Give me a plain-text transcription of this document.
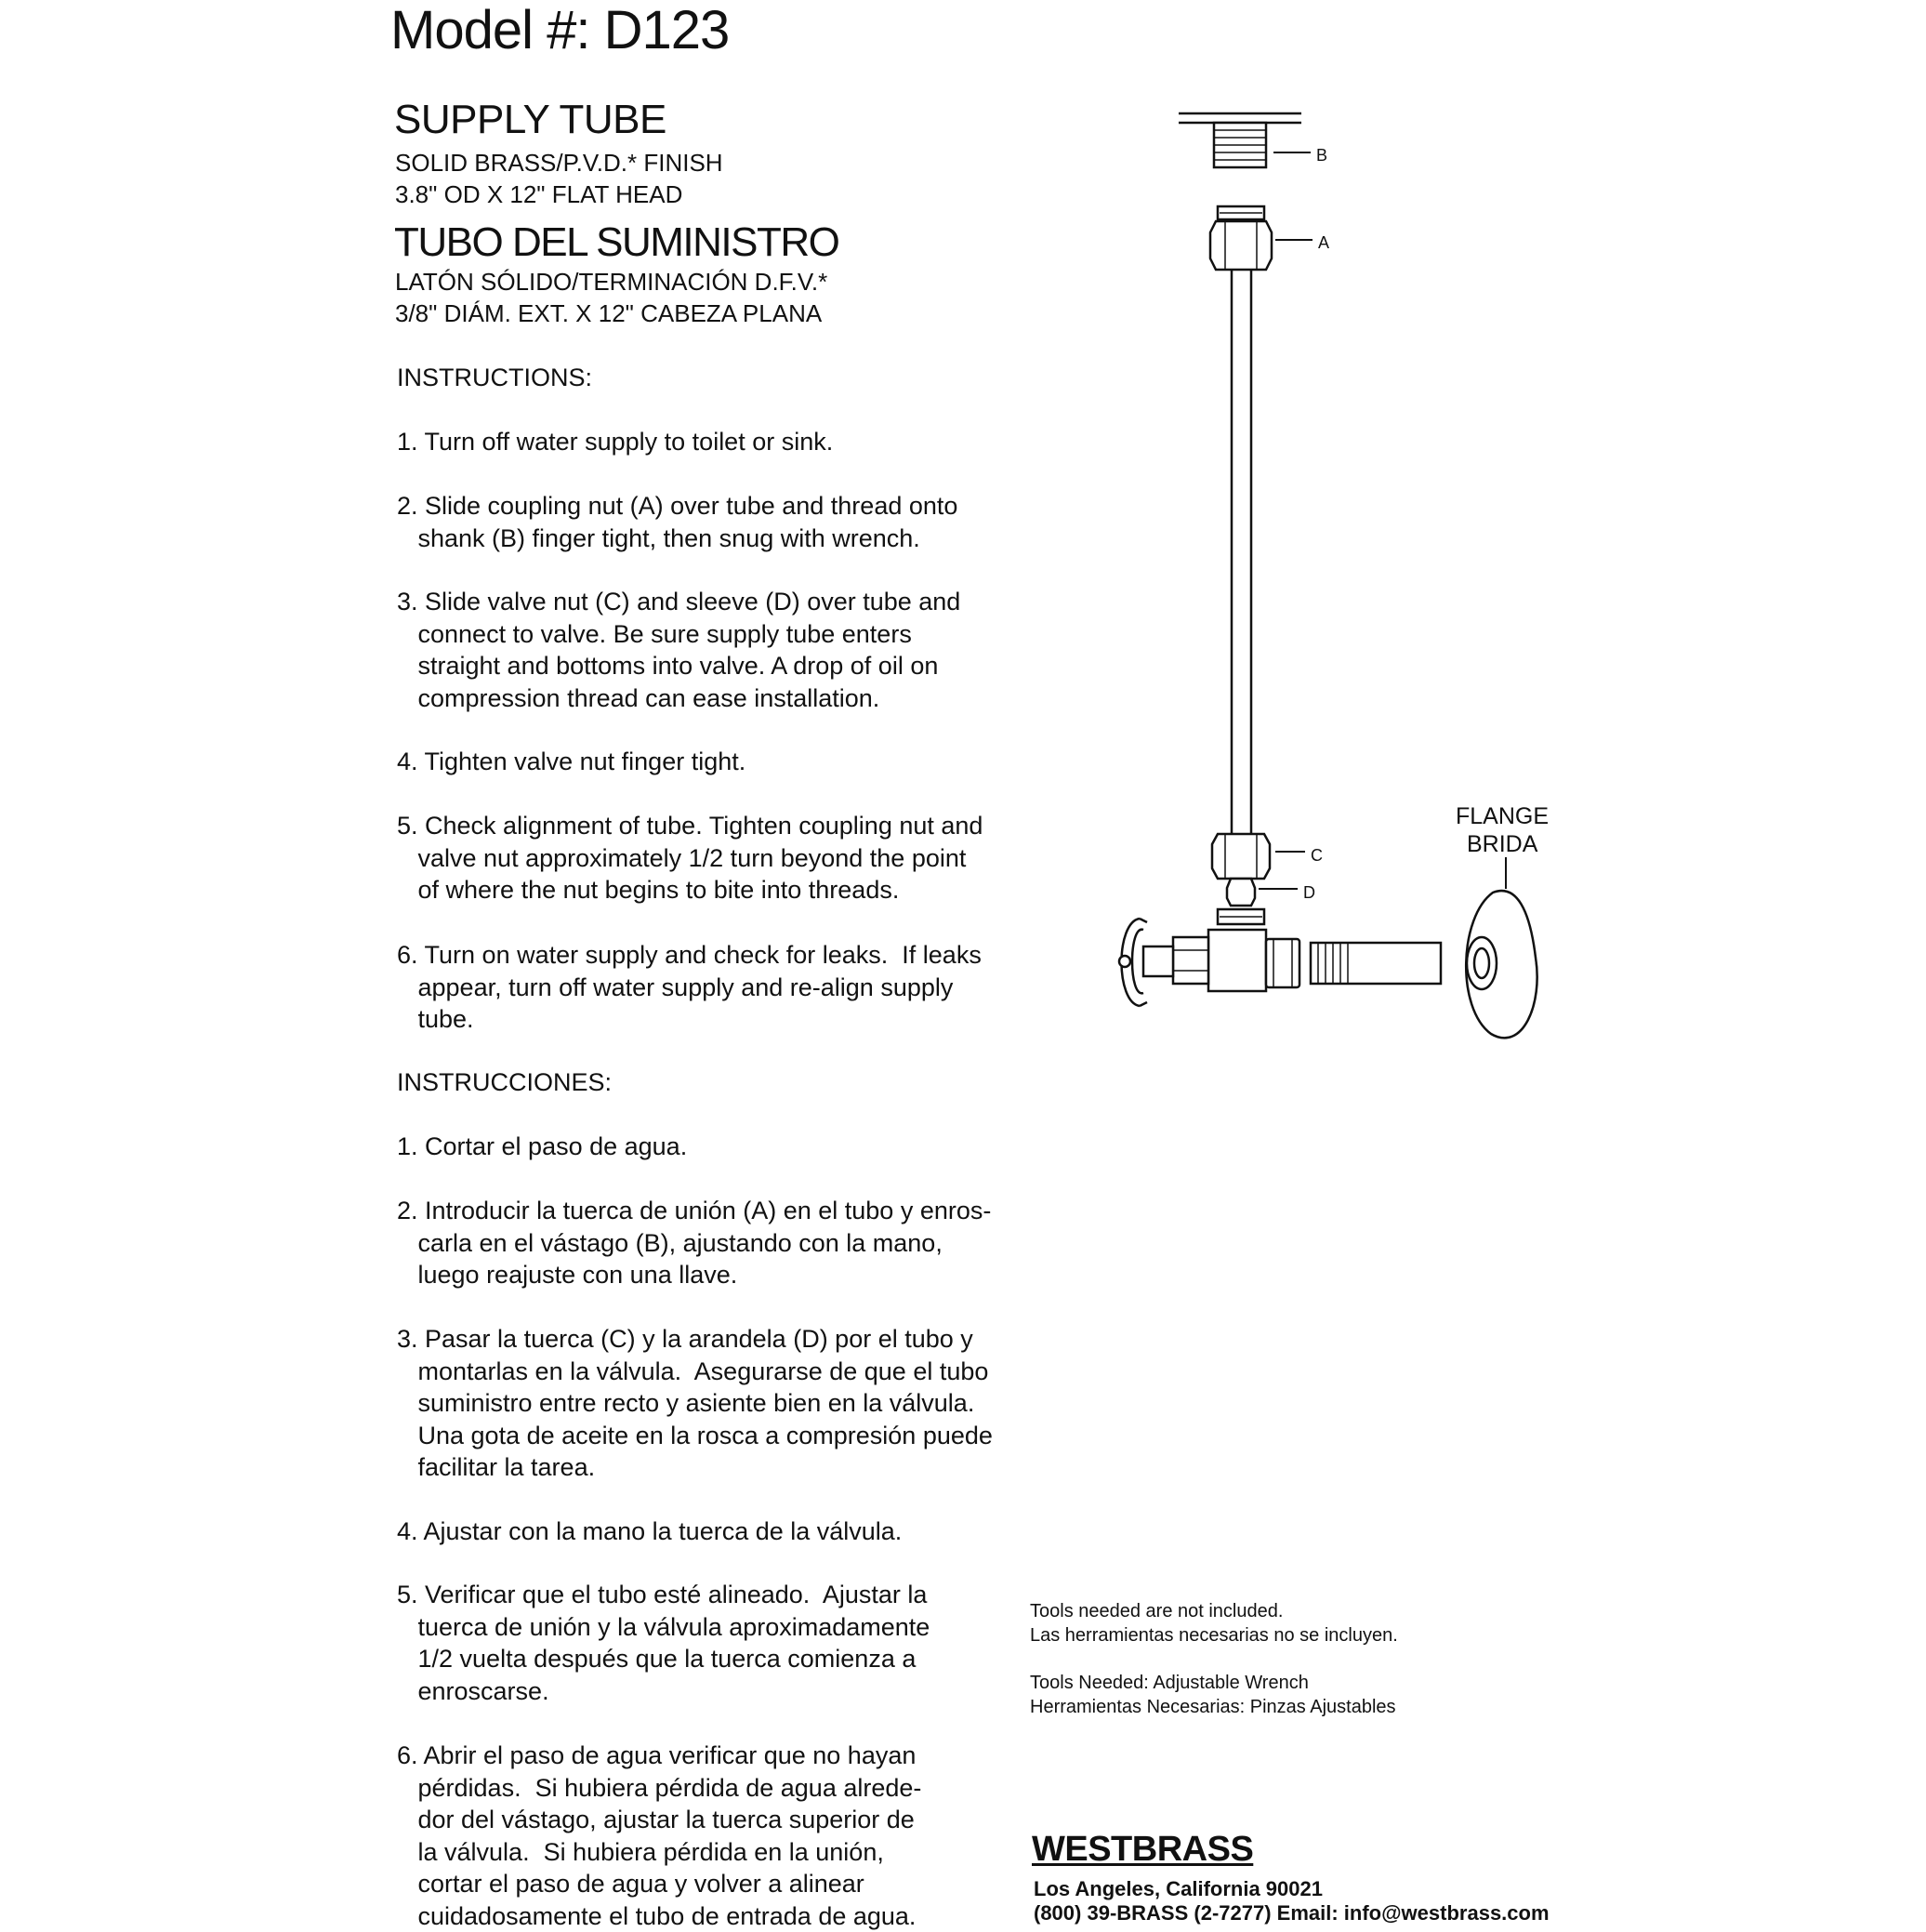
Model #: D123
SUPPLY TUBE
SOLID BRASS/P.V.D.* FINISH
3.8" OD X 12" FLAT HEAD
TUBO DEL SUMINISTRO
LATÓN SÓLIDO/TERMINACIÓN D.F.V.*
3/8" DIÁM. EXT. X 12" CABEZA PLANA
INSTRUCTIONS:
1. Turn off water supply to toilet or sink.
2. Slide coupling nut (A) over tube and thread onto
shank (B) finger tight, then snug with wrench.
3. Slide valve nut (C) and sleeve (D) over tube and
connect to valve. Be sure supply tube enters
straight and bottoms into valve. A drop of oil on
compression thread can ease installation.
4. Tighten valve nut finger tight.
5. Check alignment of tube. Tighten coupling nut and
valve nut approximately 1/2 turn beyond the point
of where the nut begins to bite into threads.
6. Turn on water supply and check for leaks.  If leaks
appear, turn off water supply and re-align supply
tube.
INSTRUCCIONES:
1. Cortar el paso de agua.
2. Introducir la tuerca de unión (A) en el tubo y enros-
carla en el vástago (B), ajustando con la mano,
luego reajuste con una llave.
3. Pasar la tuerca (C) y la arandela (D) por el tubo y
montarlas en la válvula.  Asegurarse de que el tubo
suministro entre recto y asiente bien en la válvula.
Una gota de aceite en la rosca a compresión puede
facilitar la tarea.
4. Ajustar con la mano la tuerca de la válvula.
5. Verificar que el tubo esté alineado.  Ajustar la
tuerca de unión y la válvula aproximadamente
1/2 vuelta después que la tuerca comienza a
enroscarse.
6. Abrir el paso de agua verificar que no hayan
pérdidas.  Si hubiera pérdida de agua alrede-
dor del vástago, ajustar la tuerca superior de
la válvula.  Si hubiera pérdida en la unión,
cortar el paso de agua y volver a alinear
cuidadosamente el tubo de entrada de agua.
Tools needed are not included.
Las herramientas necesarias no se incluyen.
Tools Needed: Adjustable Wrench
Herramientas Necesarias: Pinzas Ajustables
WESTBRASS
Los Angeles, California 90021
(800) 39-BRASS (2-7277) Email: info@westbrass.com
B
A
C
D
FLANGE
BRIDA
